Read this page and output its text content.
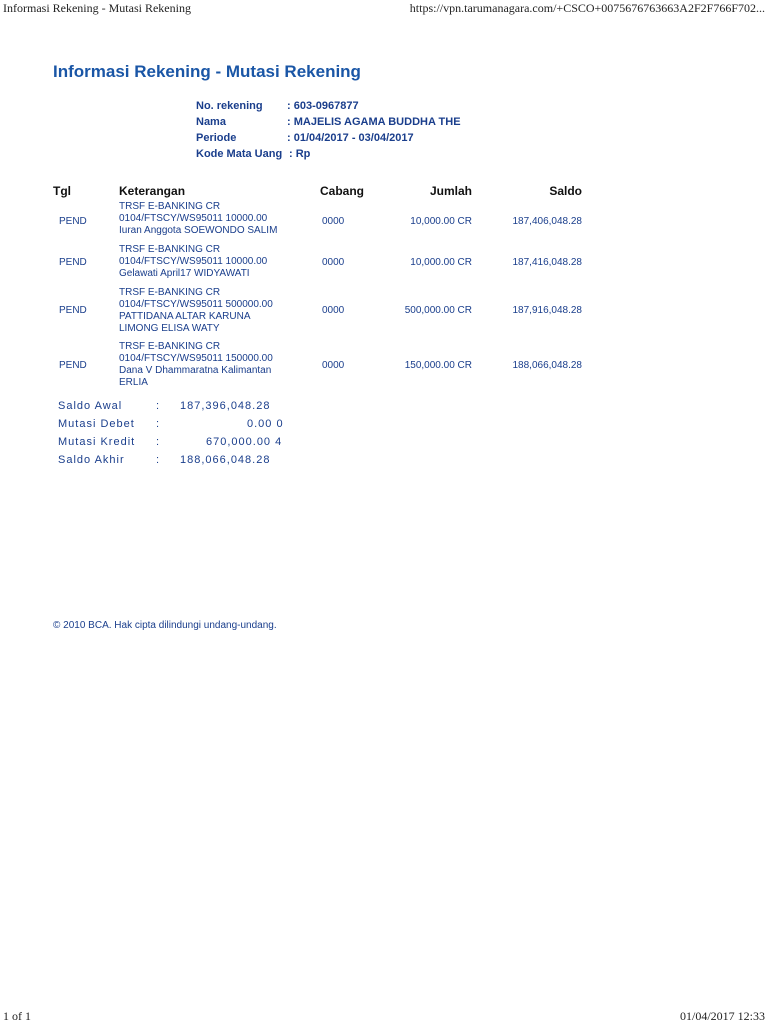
Informasi Rekening - Mutasi Rekening	https://vpn.tarumanagara.com/+CSCO+0075676763663A2F2F766F702...
Informasi Rekening - Mutasi Rekening
No. rekening : 603-0967877
Nama	: MAJELIS AGAMA BUDDHA THE
Periode	: 01/04/2017 - 03/04/2017
Kode Mata Uang : Rp
Tgl	Keterangan	Cabang	Jumlah	Saldo
PEND
TRSF E-BANKING CR
0104/FTSCY/WS95011 10000.00
Iuran Anggota SOEWONDO SALIM
0000	10,000.00 CR	187,406,048.28
PEND
TRSF E-BANKING CR
0104/FTSCY/WS95011 10000.00
Gelawati April17 WIDYAWATI
0000	10,000.00 CR	187,416,048.28
PEND
TRSF E-BANKING CR
0104/FTSCY/WS95011 500000.00
PATTIDANA ALTAR KARUNA
LIMONG ELISA WATY
0000	500,000.00 CR	187,916,048.28
PEND
TRSF E-BANKING CR
0104/FTSCY/WS95011 150000.00
Dana V Dhammaratna Kalimantan
ERLIA
0000	150,000.00 CR	188,066,048.28
Saldo Awal	: 187,396,048.28
Mutasi Debet :	0.00 0
Mutasi Kredit :	670,000.00 4
Saldo Akhir	: 188,066,048.28
© 2010 BCA. Hak cipta dilindungi undang-undang.
1 of 1	01/04/2017 12:33
